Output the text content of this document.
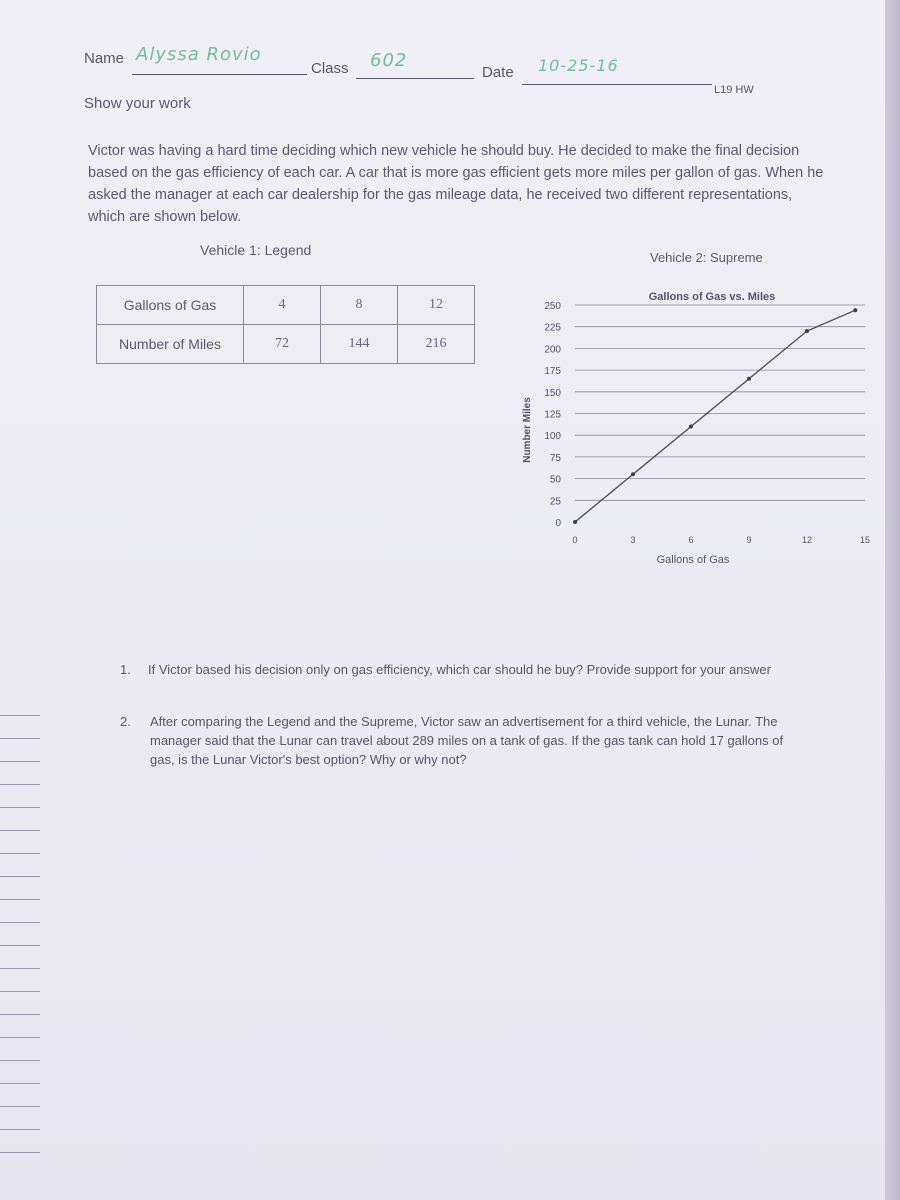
Name Alyssa Rovio
Class 602
Date 10-25-16
L19 HW
Show your work
Victor was having a hard time deciding which new vehicle he should buy. He decided to make the final decision
based on the gas efficiency of each car. A car that is more gas efficient gets more miles per gallon of gas. When he
asked the manager at each car dealership for the gas mileage data, he received two different representations,
which are shown below.
Vehicle 1: Legend
Gallons of Gas	4	8	12
Number of Miles	72	144	216
Vehicle 2: Supreme
Gallons of Gas vs. Miles
Number Miles
Gallons of Gas
0
25
50
75
100
125
150
175
200
225
250
0	3	6	9	12	15
1. If Victor based his decision only on gas efficiency, which car should he buy? Provide support for your answer
2. After comparing the Legend and the Supreme, Victor saw an advertisement for a third vehicle, the Lunar. The
manager said that the Lunar can travel about 289 miles on a tank of gas. If the gas tank can hold 17 gallons of
gas, is the Lunar Victor's best option? Why or why not?
